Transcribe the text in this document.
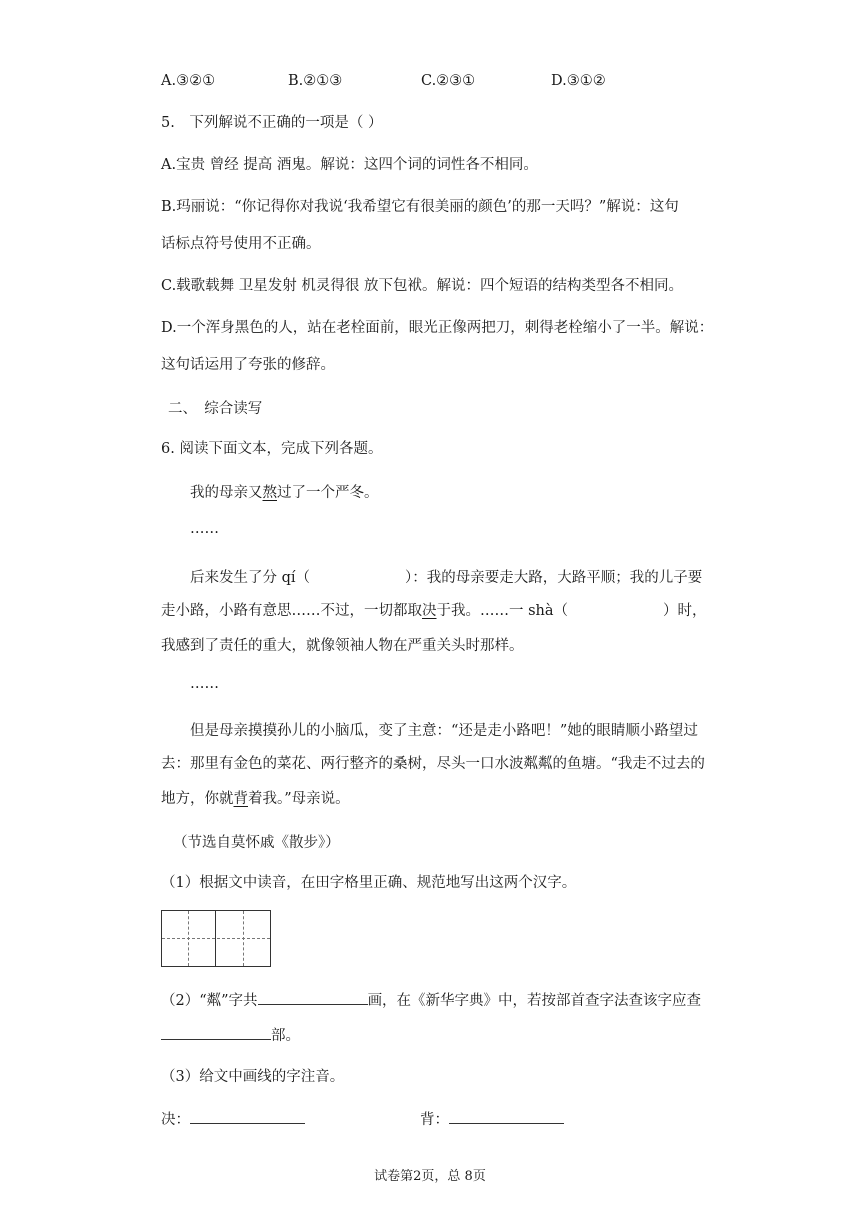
A.③②①	B.②①③	C.②③①	D.③①②
5.　下列解说不正确的一项是（ ）
A.宝贵 曾经 提高 酒鬼。解说：这四个词的词性各不相同。
B.玛丽说：“你记得你对我说‘我希望它有很美丽的颜色’的那一天吗？”解说：这句
话标点符号使用不正确。
C.载歌载舞 卫星发射 机灵得很 放下包袱。解说：四个短语的结构类型各不相同。
D.一个浑身黑色的人，站在老栓面前，眼光正像两把刀，刺得老栓缩小了一半。解说：
这句话运用了夸张的修辞。
二、　综合读写
6. 阅读下面文本，完成下列各题。
我的母亲又熬过了一个严冬。
……
后来发生了分 qí（	）：我的母亲要走大路，大路平顺；我的儿子要
走小路，小路有意思……不过，一切都取决于我。……一 shà（	）时，
我感到了责任的重大，就像领袖人物在严重关头时那样。
……
但是母亲摸摸孙儿的小脑瓜，变了主意：“还是走小路吧！”她的眼睛顺小路望过
去：那里有金色的菜花、两行整齐的桑树，尽头一口水波粼粼的鱼塘。“我走不过去的
地方，你就背着我。”母亲说。
（节选自莫怀戚《散步》）
（1）根据文中读音，在田字格里正确、规范地写出这两个汉字。
（2）“粼”字共	画，在《新华字典》中，若按部首查字法查该字应查
部。
（3）给文中画线的字注音。
决：	背：
试卷第2页，总 8页
